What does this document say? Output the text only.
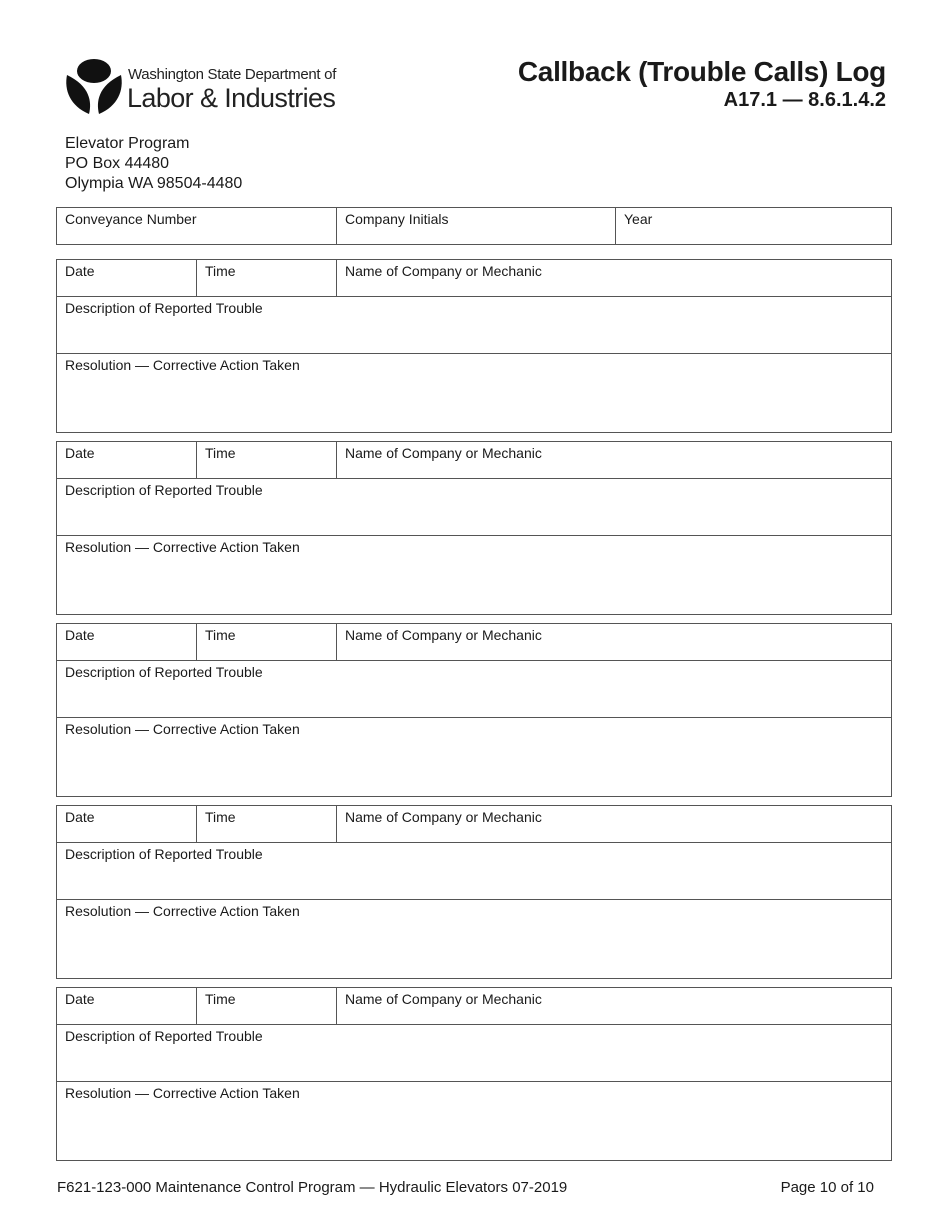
Washington State Department of
Labor & Industries
Callback (Trouble Calls) Log
A17.1 — 8.6.1.4.2
Elevator Program
PO Box 44480
Olympia WA 98504-4480
Conveyance Number	Company Initials	Year
Date	Time	Name of Company or Mechanic
Description of Reported Trouble
Resolution — Corrective Action Taken
Date	Time	Name of Company or Mechanic
Description of Reported Trouble
Resolution — Corrective Action Taken
Date	Time	Name of Company or Mechanic
Description of Reported Trouble
Resolution — Corrective Action Taken
Date	Time	Name of Company or Mechanic
Description of Reported Trouble
Resolution — Corrective Action Taken
Date	Time	Name of Company or Mechanic
Description of Reported Trouble
Resolution — Corrective Action Taken
F621-123-000 Maintenance Control Program — Hydraulic Elevators 07-2019	Page 10 of 10
